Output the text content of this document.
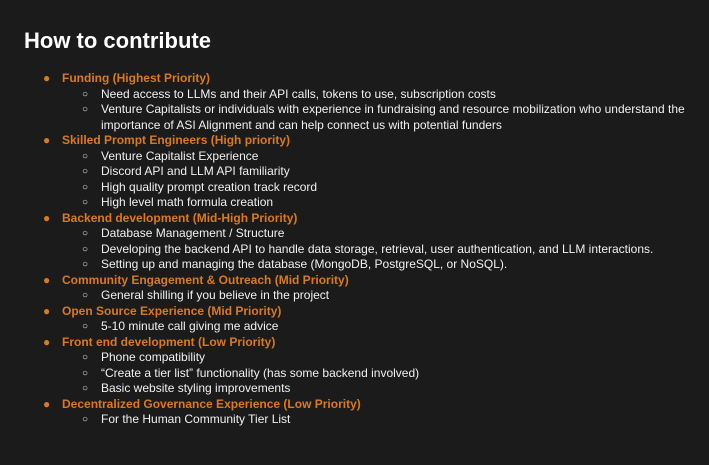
How to contribute
● Funding (Highest Priority)
○ Need access to LLMs and their API calls, tokens to use, subscription costs
○ Venture Capitalists or individuals with experience in fundraising and resource mobilization who understand the importance of ASI Alignment and can help connect us with potential funders
● Skilled Prompt Engineers (High priority)
○ Venture Capitalist Experience
○ Discord API and LLM API familiarity
○ High quality prompt creation track record
○ High level math formula creation
● Backend development (Mid-High Priority)
○ Database Management / Structure
○ Developing the backend API to handle data storage, retrieval, user authentication, and LLM interactions.
○ Setting up and managing the database (MongoDB, PostgreSQL, or NoSQL).
● Community Engagement & Outreach (Mid Priority)
○ General shilling if you believe in the project
● Open Source Experience (Mid Priority)
○ 5-10 minute call giving me advice
● Front end development (Low Priority)
○ Phone compatibility
○ “Create a tier list” functionality (has some backend involved)
○ Basic website styling improvements
● Decentralized Governance Experience (Low Priority)
○ For the Human Community Tier List
